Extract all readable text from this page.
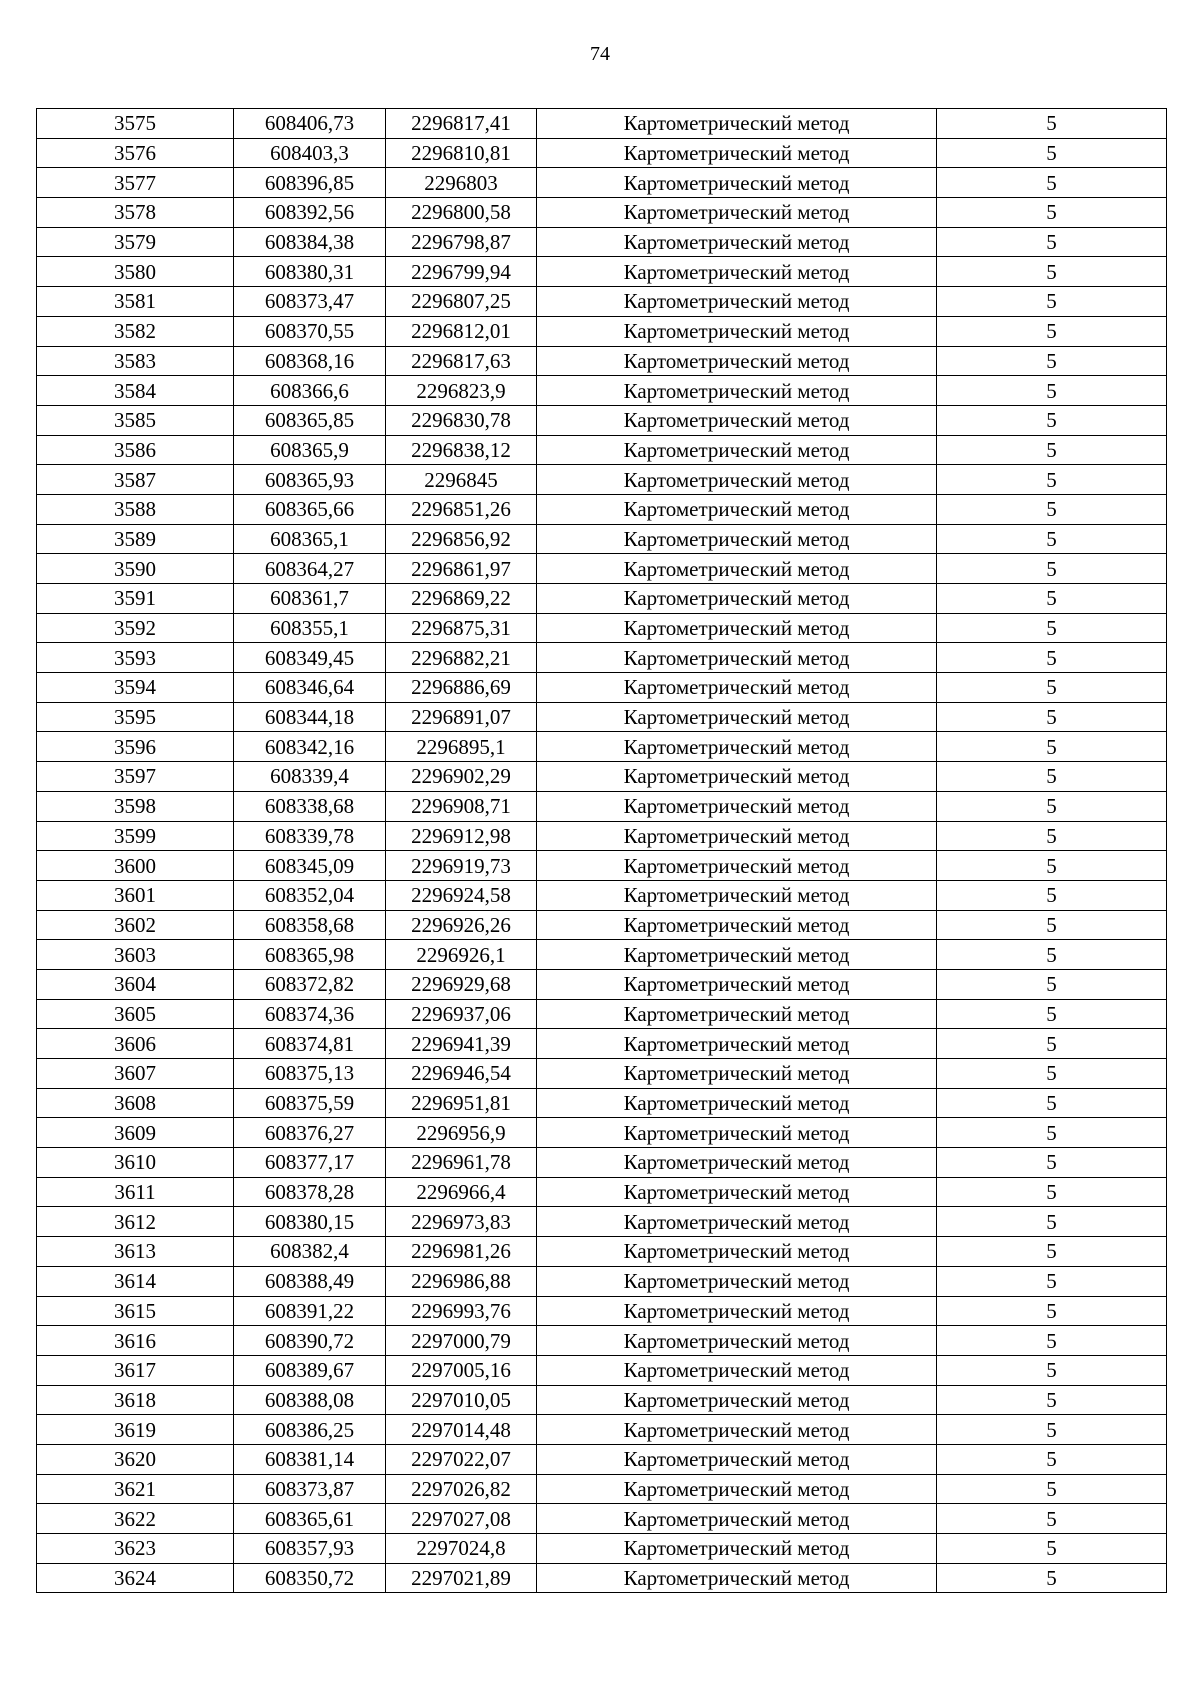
74
3575	608406,73	2296817,41	Картометрический метод	5
3576	608403,3	2296810,81	Картометрический метод	5
3577	608396,85	2296803	Картометрический метод	5
3578	608392,56	2296800,58	Картометрический метод	5
3579	608384,38	2296798,87	Картометрический метод	5
3580	608380,31	2296799,94	Картометрический метод	5
3581	608373,47	2296807,25	Картометрический метод	5
3582	608370,55	2296812,01	Картометрический метод	5
3583	608368,16	2296817,63	Картометрический метод	5
3584	608366,6	2296823,9	Картометрический метод	5
3585	608365,85	2296830,78	Картометрический метод	5
3586	608365,9	2296838,12	Картометрический метод	5
3587	608365,93	2296845	Картометрический метод	5
3588	608365,66	2296851,26	Картометрический метод	5
3589	608365,1	2296856,92	Картометрический метод	5
3590	608364,27	2296861,97	Картометрический метод	5
3591	608361,7	2296869,22	Картометрический метод	5
3592	608355,1	2296875,31	Картометрический метод	5
3593	608349,45	2296882,21	Картометрический метод	5
3594	608346,64	2296886,69	Картометрический метод	5
3595	608344,18	2296891,07	Картометрический метод	5
3596	608342,16	2296895,1	Картометрический метод	5
3597	608339,4	2296902,29	Картометрический метод	5
3598	608338,68	2296908,71	Картометрический метод	5
3599	608339,78	2296912,98	Картометрический метод	5
3600	608345,09	2296919,73	Картометрический метод	5
3601	608352,04	2296924,58	Картометрический метод	5
3602	608358,68	2296926,26	Картометрический метод	5
3603	608365,98	2296926,1	Картометрический метод	5
3604	608372,82	2296929,68	Картометрический метод	5
3605	608374,36	2296937,06	Картометрический метод	5
3606	608374,81	2296941,39	Картометрический метод	5
3607	608375,13	2296946,54	Картометрический метод	5
3608	608375,59	2296951,81	Картометрический метод	5
3609	608376,27	2296956,9	Картометрический метод	5
3610	608377,17	2296961,78	Картометрический метод	5
3611	608378,28	2296966,4	Картометрический метод	5
3612	608380,15	2296973,83	Картометрический метод	5
3613	608382,4	2296981,26	Картометрический метод	5
3614	608388,49	2296986,88	Картометрический метод	5
3615	608391,22	2296993,76	Картометрический метод	5
3616	608390,72	2297000,79	Картометрический метод	5
3617	608389,67	2297005,16	Картометрический метод	5
3618	608388,08	2297010,05	Картометрический метод	5
3619	608386,25	2297014,48	Картометрический метод	5
3620	608381,14	2297022,07	Картометрический метод	5
3621	608373,87	2297026,82	Картометрический метод	5
3622	608365,61	2297027,08	Картометрический метод	5
3623	608357,93	2297024,8	Картометрический метод	5
3624	608350,72	2297021,89	Картометрический метод	5
